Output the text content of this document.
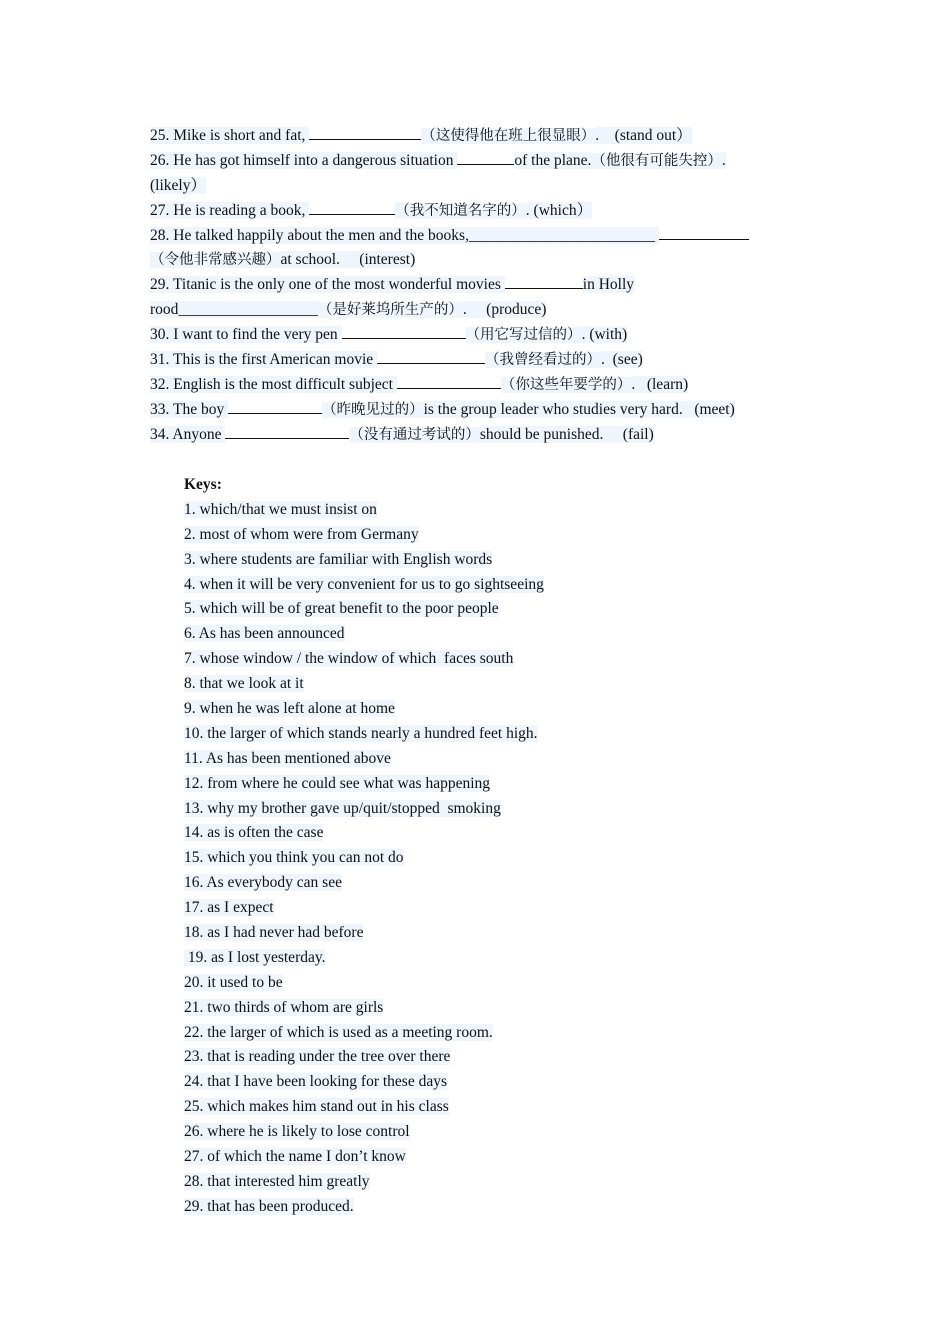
25. Mike is short and fat,	（这使得他在班上很显眼）.    (stand out）
26. He has got himself into a dangerous situation	of the plane.（他很有可能失控）.
(likely）
27. He is reading a book,	（我不知道名字的）. (which）
28. He talked happily about the men and the books,________________________
（令他非常感兴趣）at school.     (interest)
29. Titanic is the only one of the most wonderful movies	in Holly
rood__________________（是好莱坞所生产的）.     (produce)
30. I want to find the very pen	（用它写过信的）. (with)
31. This is the first American movie	（我曾经看过的）.  (see)
32. English is the most difficult subject	（你这些年要学的）.   (learn)
33. The boy	（昨晚见过的）is the group leader who studies very hard.   (meet)
34. Anyone	（没有通过考试的）should be punished.     (fail)
Keys:
1. which/that we must insist on
2. most of whom were from Germany
3. where students are familiar with English words
4. when it will be very convenient for us to go sightseeing
5. which will be of great benefit to the poor people
6. As has been announced
7. whose window / the window of which  faces south
8. that we look at it
9. when he was left alone at home
10. the larger of which stands nearly a hundred feet high.
11. As has been mentioned above
12. from where he could see what was happening
13. why my brother gave up/quit/stopped  smoking
14. as is often the case
15. which you think you can not do
16. As everybody can see
17. as I expect
18. as I had never had before
19. as I lost yesterday.
20. it used to be
21. two thirds of whom are girls
22. the larger of which is used as a meeting room.
23. that is reading under the tree over there
24. that I have been looking for these days
25. which makes him stand out in his class
26. where he is likely to lose control
27. of which the name I don’t know
28. that interested him greatly
29. that has been produced.
